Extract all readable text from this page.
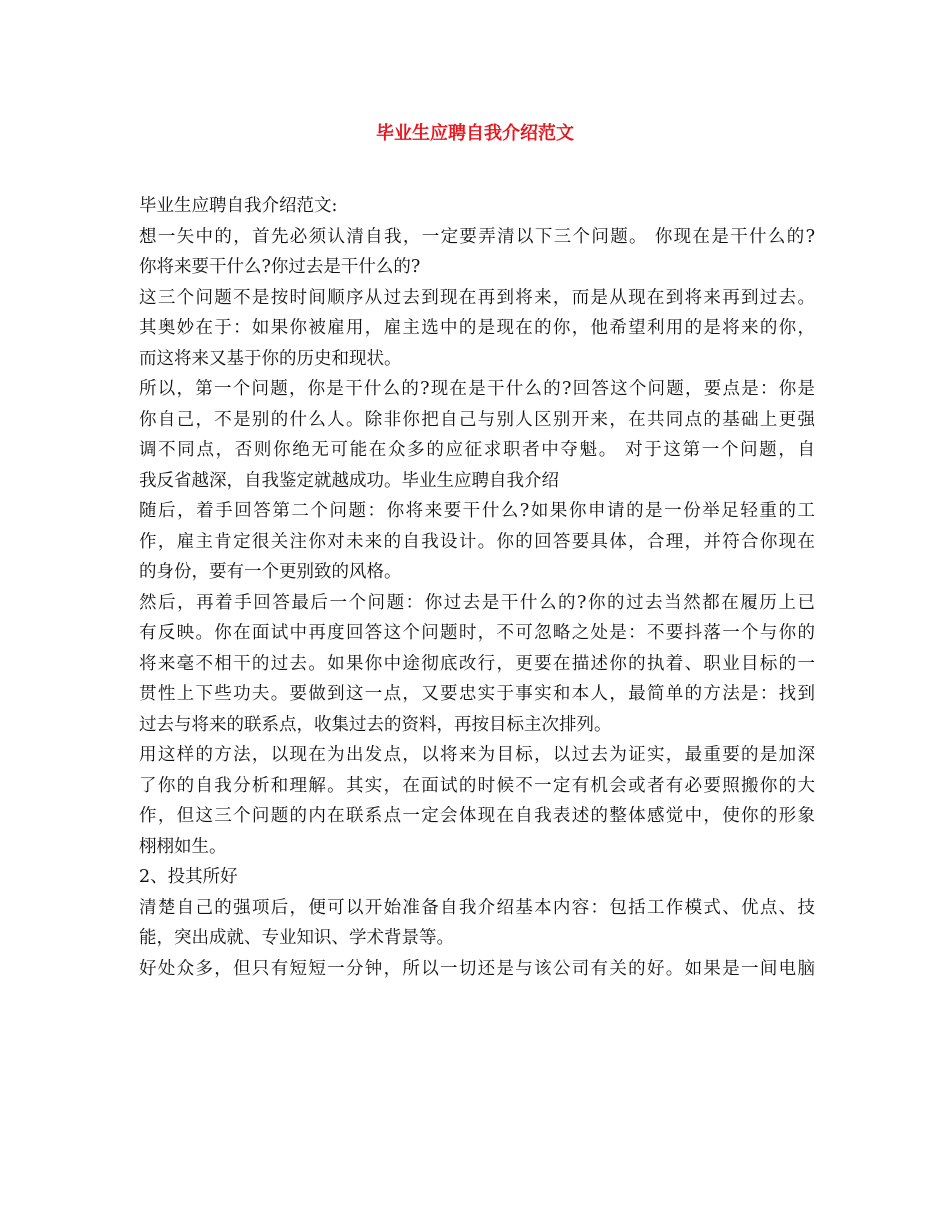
毕业生应聘自我介绍范文
毕业生应聘自我介绍范文:
想一矢中的，首先必须认清自我，一定要弄清以下三个问题。 你现在是干什么的?
你将来要干什么?你过去是干什么的?
这三个问题不是按时间顺序从过去到现在再到将来，而是从现在到将来再到过去。
其奥妙在于：如果你被雇用，雇主选中的是现在的你，他希望利用的是将来的你，
而这将来又基于你的历史和现状。
所以，第一个问题，你是干什么的?现在是干什么的?回答这个问题，要点是：你是
你自己，不是别的什么人。除非你把自己与别人区别开来，在共同点的基础上更强
调不同点，否则你绝无可能在众多的应征求职者中夺魁。 对于这第一个问题，自
我反省越深，自我鉴定就越成功。毕业生应聘自我介绍
随后，着手回答第二个问题：你将来要干什么?如果你申请的是一份举足轻重的工
作，雇主肯定很关注你对未来的自我设计。你的回答要具体，合理，并符合你现在
的身份，要有一个更别致的风格。
然后，再着手回答最后一个问题：你过去是干什么的?你的过去当然都在履历上已
有反映。你在面试中再度回答这个问题时，不可忽略之处是：不要抖落一个与你的
将来毫不相干的过去。如果你中途彻底改行，更要在描述你的执着、职业目标的一
贯性上下些功夫。要做到这一点，又要忠实于事实和本人，最简单的方法是：找到
过去与将来的联系点，收集过去的资料，再按目标主次排列。
用这样的方法，以现在为出发点，以将来为目标，以过去为证实，最重要的是加深
了你的自我分析和理解。其实，在面试的时候不一定有机会或者有必要照搬你的大
作，但这三个问题的内在联系点一定会体现在自我表述的整体感觉中，使你的形象
栩栩如生。
2、投其所好
清楚自己的强项后，便可以开始准备自我介绍基本内容：包括工作模式、优点、技
能，突出成就、专业知识、学术背景等。
好处众多，但只有短短一分钟，所以一切还是与该公司有关的好。如果是一间电脑
